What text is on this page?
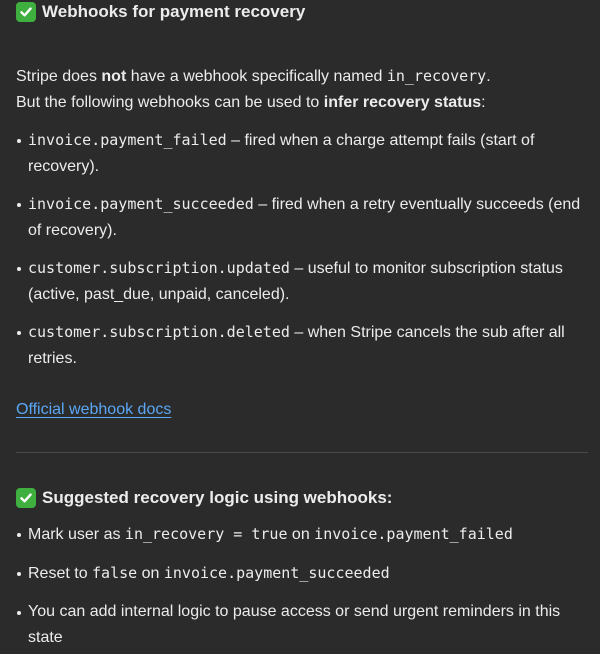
Webhooks for payment recovery

Stripe does not have a webhook specifically named in_recovery.
But the following webhooks can be used to infer recovery status:

invoice.payment_failed – fired when a charge attempt fails (start of recovery).
invoice.payment_succeeded – fired when a retry eventually succeeds (end of recovery).
customer.subscription.updated – useful to monitor subscription status (active, past_due, unpaid, canceled).
customer.subscription.deleted – when Stripe cancels the sub after all retries.
Official webhook docs
Suggested recovery logic using webhooks:
Mark user as in_recovery = true on invoice.payment_failed
Reset to false on invoice.payment_succeeded
You can add internal logic to pause access or send urgent reminders in this state
